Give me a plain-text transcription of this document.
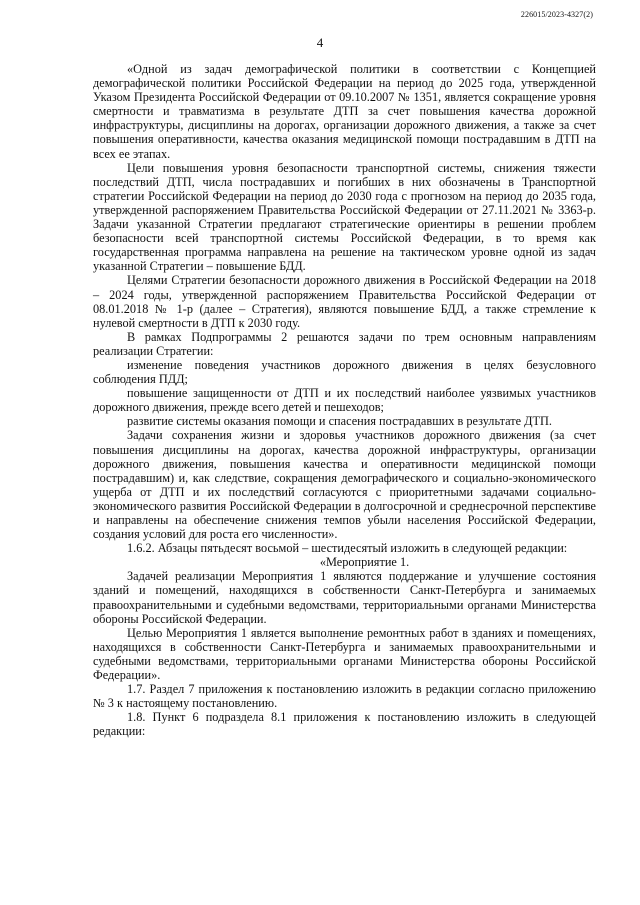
226015/2023-4327(2)
4

«Одной из задач демографической политики в соответствии с Концепцией демографической политики Российской Федерации на период до 2025 года, утвержденной Указом Президента Российской Федерации от 09.10.2007 № 1351, является сокращение уровня смертности и травматизма в результате ДТП за счет повышения качества дорожной инфраструктуры, дисциплины на дорогах, организации дорожного движения, а также за счет повышения оперативности, качества оказания медицинской помощи пострадавшим в ДТП на всех ее этапах.

Цели повышения уровня безопасности транспортной системы, снижения тяжести последствий ДТП, числа пострадавших и погибших в них обозначены в Транспортной стратегии Российской Федерации на период до 2030 года с прогнозом на период до 2035 года, утвержденной распоряжением Правительства Российской Федерации от 27.11.2021 № 3363-р. Задачи указанной Стратегии предлагают стратегические ориентиры в решении проблем безопасности всей транспортной системы Российской Федерации, в то время как государственная программа направлена на решение на тактическом уровне одной из задач указанной Стратегии – повышение БДД.

Целями Стратегии безопасности дорожного движения в Российской Федерации на 2018 – 2024 годы, утвержденной распоряжением Правительства Российской Федерации от 08.01.2018 № 1-р (далее – Стратегия), являются повышение БДД, а также стремление к нулевой смертности в ДТП к 2030 году.

В рамках Подпрограммы 2 решаются задачи по трем основным направлениям реализации Стратегии:

изменение поведения участников дорожного движения в целях безусловного соблюдения ПДД;

повышение защищенности от ДТП и их последствий наиболее уязвимых участников дорожного движения, прежде всего детей и пешеходов;

развитие системы оказания помощи и спасения пострадавших в результате ДТП.

Задачи сохранения жизни и здоровья участников дорожного движения (за счет повышения дисциплины на дорогах, качества дорожной инфраструктуры, организации дорожного движения, повышения качества и оперативности медицинской помощи пострадавшим) и, как следствие, сокращения демографического и социально-экономического ущерба от ДТП и их последствий согласуются с приоритетными задачами социально-экономического развития Российской Федерации в долгосрочной и среднесрочной перспективе и направлены на обеспечение снижения темпов убыли населения Российской Федерации, создания условий для роста его численности».

1.6.2. Абзацы пятьдесят восьмой – шестидесятый изложить в следующей редакции:

«Мероприятие 1.

Задачей реализации Мероприятия 1 являются поддержание и улучшение состояния зданий и помещений, находящихся в собственности Санкт-Петербурга и занимаемых правоохранительными и судебными ведомствами, территориальными органами Министерства обороны Российской Федерации.

Целью Мероприятия 1 является выполнение ремонтных работ в зданиях и помещениях, находящихся в собственности Санкт-Петербурга и занимаемых правоохранительными и судебными ведомствами, территориальными органами Министерства обороны Российской Федерации».

1.7. Раздел 7 приложения к постановлению изложить в редакции согласно приложению № 3 к настоящему постановлению.

1.8. Пункт 6 подраздела 8.1 приложения к постановлению изложить в следующей редакции:
